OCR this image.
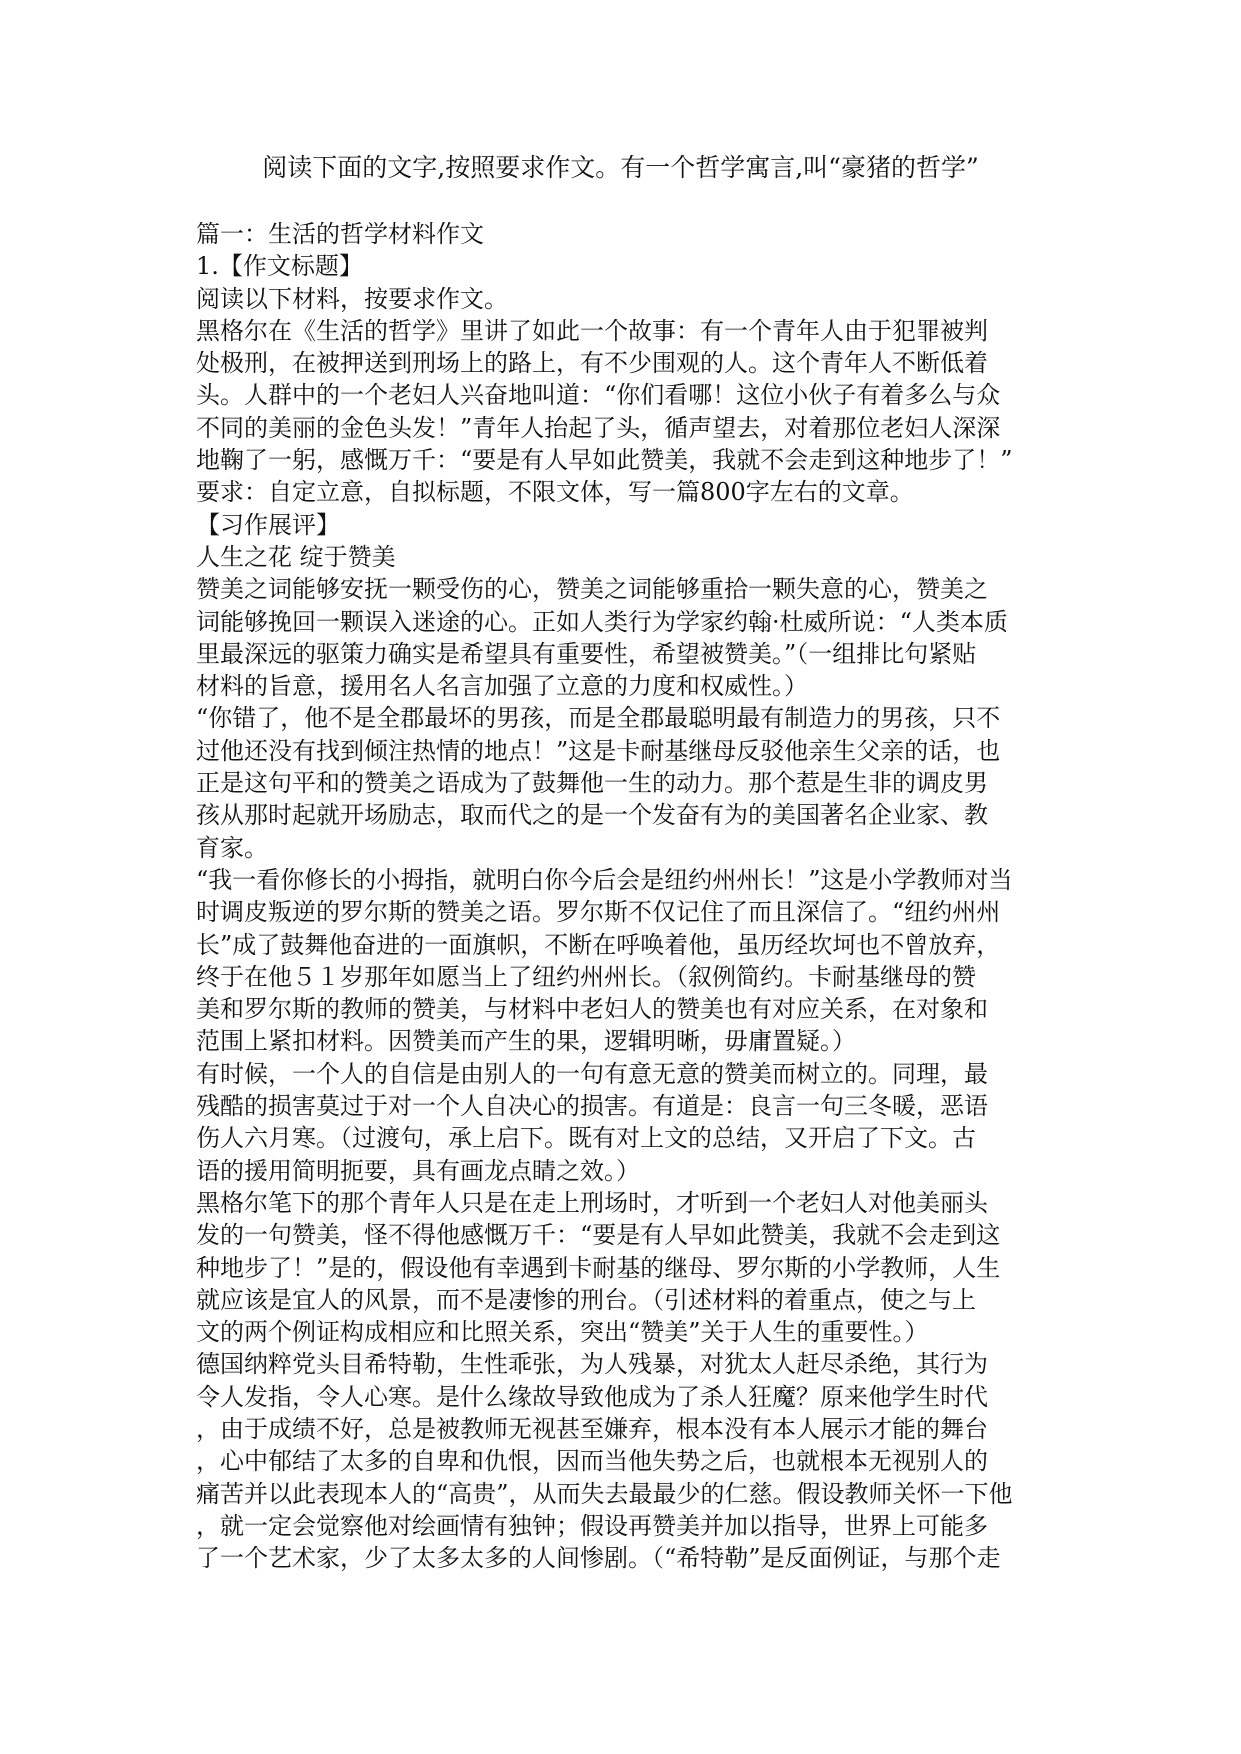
阅读下面的文字,按照要求作文。有一个哲学寓言,叫“豪猪的哲学”

篇一：生活的哲学材料作文

1.【作文标题】

阅读以下材料，按要求作文。

黑格尔在《生活的哲学》里讲了如此一个故事：有一个青年人由于犯罪被判

处极刑，在被押送到刑场上的路上，有不少围观的人。这个青年人不断低着

头。人群中的一个老妇人兴奋地叫道：“你们看哪！这位小伙子有着多么与众

不同的美丽的金色头发！”青年人抬起了头，循声望去，对着那位老妇人深深

地鞠了一躬，感慨万千：“要是有人早如此赞美，我就不会走到这种地步了！”

要求：自定立意，自拟标题，不限文体，写一篇800字左右的文章。

【习作展评】

人生之花 绽于赞美

赞美之词能够安抚一颗受伤的心，赞美之词能够重拾一颗失意的心，赞美之

词能够挽回一颗误入迷途的心。正如人类行为学家约翰·杜威所说：“人类本质

里最深远的驱策力确实是希望具有重要性，希望被赞美。”（一组排比句紧贴

材料的旨意，援用名人名言加强了立意的力度和权威性。）

“你错了，他不是全郡最坏的男孩，而是全郡最聪明最有制造力的男孩，只不

过他还没有找到倾注热情的地点！”这是卡耐基继母反驳他亲生父亲的话，也

正是这句平和的赞美之语成为了鼓舞他一生的动力。那个惹是生非的调皮男

孩从那时起就开场励志，取而代之的是一个发奋有为的美国著名企业家、教

育家。

“我一看你修长的小拇指，就明白你今后会是纽约州州长！”这是小学教师对当

时调皮叛逆的罗尔斯的赞美之语。罗尔斯不仅记住了而且深信了。“纽约州州

长”成了鼓舞他奋进的一面旗帜，不断在呼唤着他，虽历经坎坷也不曾放弃，

终于在他５１岁那年如愿当上了纽约州州长。（叙例简约。卡耐基继母的赞

美和罗尔斯的教师的赞美，与材料中老妇人的赞美也有对应关系，在对象和

范围上紧扣材料。因赞美而产生的果，逻辑明晰，毋庸置疑。）

有时候，一个人的自信是由别人的一句有意无意的赞美而树立的。同理，最

残酷的损害莫过于对一个人自决心的损害。有道是：良言一句三冬暖，恶语

伤人六月寒。（过渡句，承上启下。既有对上文的总结，又开启了下文。古

语的援用简明扼要，具有画龙点睛之效。）

黑格尔笔下的那个青年人只是在走上刑场时，才听到一个老妇人对他美丽头

发的一句赞美，怪不得他感慨万千：“要是有人早如此赞美，我就不会走到这

种地步了！”是的，假设他有幸遇到卡耐基的继母、罗尔斯的小学教师，人生

就应该是宜人的风景，而不是凄惨的刑台。（引述材料的着重点，使之与上

文的两个例证构成相应和比照关系，突出“赞美”关于人生的重要性。）

德国纳粹党头目希特勒，生性乖张，为人残暴，对犹太人赶尽杀绝，其行为

令人发指，令人心寒。是什么缘故导致他成为了杀人狂魔？原来他学生时代

，由于成绩不好，总是被教师无视甚至嫌弃，根本没有本人展示才能的舞台

，心中郁结了太多的自卑和仇恨，因而当他失势之后，也就根本无视别人的

痛苦并以此表现本人的“高贵”，从而失去最最少的仁慈。假设教师关怀一下他

，就一定会觉察他对绘画情有独钟；假设再赞美并加以指导，世界上可能多

了一个艺术家，少了太多太多的人间惨剧。（“希特勒”是反面例证，与那个走
